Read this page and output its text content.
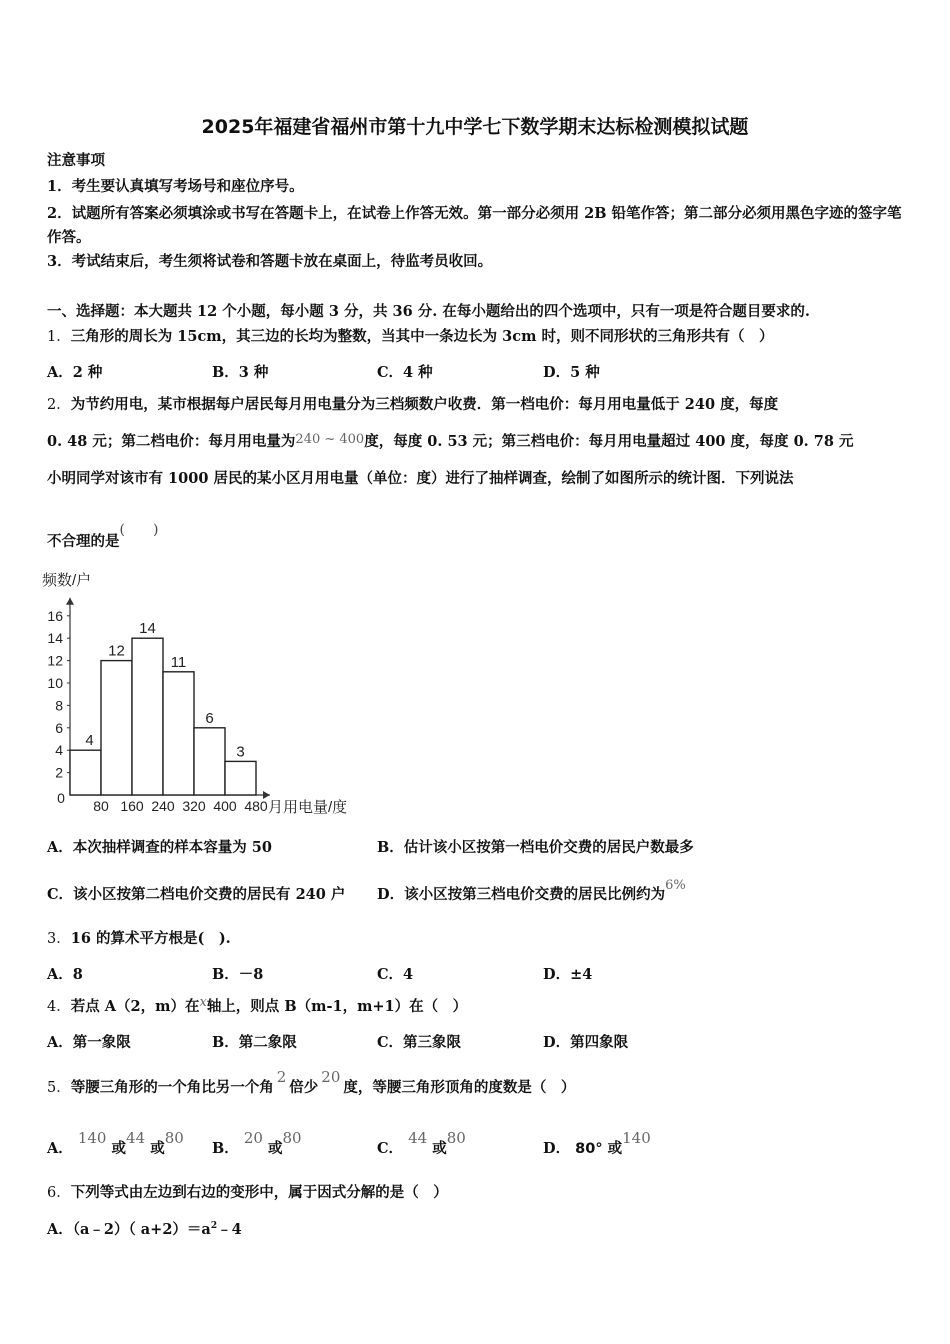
2025年福建省福州市第十九中学七下数学期末达标检测模拟试题
注意事项
1．考生要认真填写考场号和座位序号。
2．试题所有答案必须填涂或书写在答题卡上，在试卷上作答无效。第一部分必须用 2B 铅笔作答；第二部分必须用黑色字迹的签字笔作答。
3．考试结束后，考生须将试卷和答题卡放在桌面上，待监考员收回。
一、选择题：本大题共 12 个小题，每小题 3 分，共 36 分. 在每小题给出的四个选项中，只有一项是符合题目要求的.
1．三角形的周长为 15cm，其三边的长均为整数，当其中一条边长为 3cm 时，则不同形状的三角形共有（　）
A．2 种	B．3 种	C．4 种	D．5 种
2．为节约用电，某市根据每户居民每月用电量分为三档频数户收费．第一档电价：每月用电量低于 240 度，每度
0. 48 元；第二档电价：每月用电量为240 ~ 400度，每度 0. 53 元；第三档电价：每月用电量超过 400 度，每度 0. 78 元
小明同学对该市有 1000 居民的某小区月用电量（单位：度）进行了抽样调查，绘制了如图所示的统计图．下列说法
不合理的是(　　)
2
4
6
8
10
12
14
16
0 80 160 240 320 400 480
4
12
14
11
6
3
频数/户
月用电量/度
A．本次抽样调查的样本容量为 50	B．估计该小区按第一档电价交费的居民户数最多
C．该小区按第二档电价交费的居民有 240 户 D．该小区按第三档电价交费的居民比例约为6%
3．16 的算术平方根是(　).
A．8	B．－8	C．4	D．±4
4．若点 A（2，m）在x轴上，则点 B（m-1，m+1）在（　）
A．第一象限	B．第二象限	C．第三象限	D．第四象限
5．等腰三角形的一个角比另一个角2倍少20度，等腰三角形顶角的度数是（　）
A． 140 或44 或80
B． 20 或80
C． 44 或80
D． 80° 或140
6．下列等式由左边到右边的变形中，属于因式分解的是（　）
A．（a﹣2）（ $a+2)=a^2﹣4$
